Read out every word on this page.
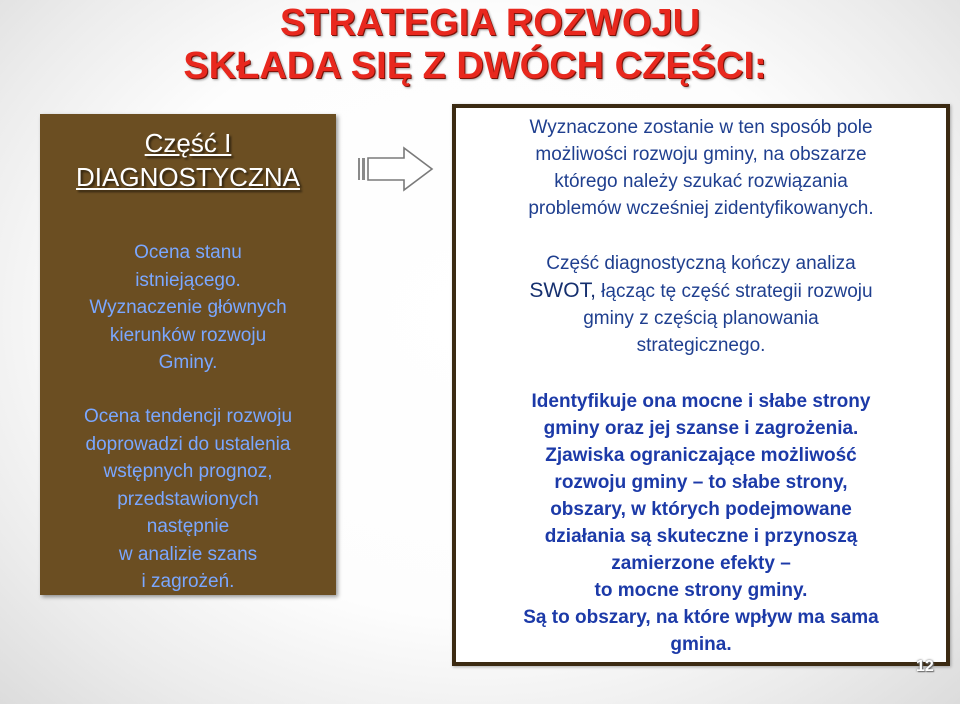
STRATEGIA ROZWOJU
SKŁADA SIĘ Z DWÓCH CZĘŚCI:
Część I
DIAGNOSTYCZNA
Ocena stanu
istniejącego.
Wyznaczenie głównych
kierunków rozwoju
Gminy.
Ocena tendencji rozwoju
doprowadzi do ustalenia
wstępnych prognoz,
przedstawionych
następnie
w analizie szans
i zagrożeń.
Wyznaczone zostanie w ten sposób pole
możliwości rozwoju gminy, na obszarze
którego należy szukać rozwiązania
problemów wcześniej zidentyfikowanych.
Część diagnostyczną kończy analiza
SWOT, łącząc tę część strategii rozwoju
gminy z częścią planowania
strategicznego.
Identyfikuje ona mocne i słabe strony
gminy oraz jej szanse i zagrożenia.
Zjawiska ograniczające możliwość
rozwoju gminy – to słabe strony,
obszary, w których podejmowane
działania są skuteczne i przynoszą
zamierzone efekty –
to mocne strony gminy.
Są to obszary, na które wpływ ma sama
gmina.
12
